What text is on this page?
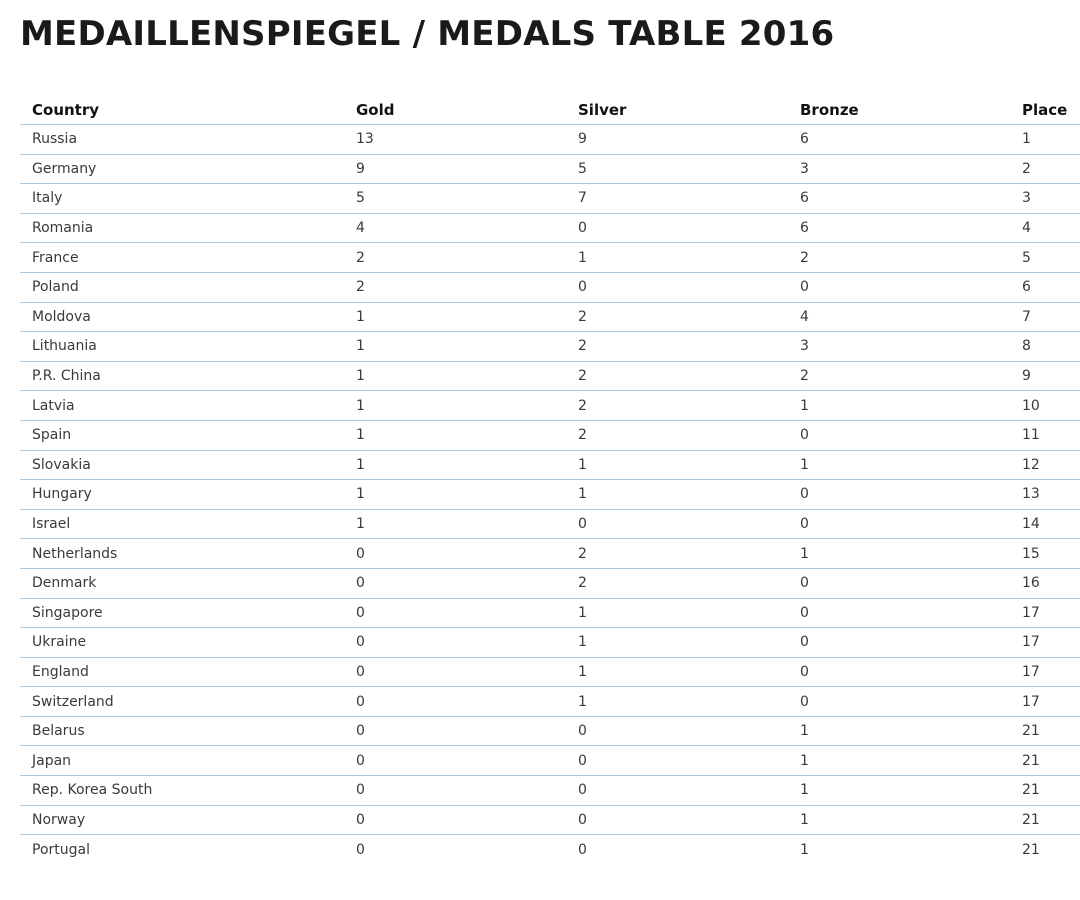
MEDAILLENSPIEGEL / MEDALS TABLE 2016
Country	Gold	Silver	Bronze	Place
Russia	13	9	6	1
Germany	9	5	3	2
Italy	5	7	6	3
Romania	4	0	6	4
France	2	1	2	5
Poland	2	0	0	6
Moldova	1	2	4	7
Lithuania	1	2	3	8
P.R. China	1	2	2	9
Latvia	1	2	1	10
Spain	1	2	0	11
Slovakia	1	1	1	12
Hungary	1	1	0	13
Israel	1	0	0	14
Netherlands	0	2	1	15
Denmark	0	2	0	16
Singapore	0	1	0	17
Ukraine	0	1	0	17
England	0	1	0	17
Switzerland	0	1	0	17
Belarus	0	0	1	21
Japan	0	0	1	21
Rep. Korea South	0	0	1	21
Norway	0	0	1	21
Portugal	0	0	1	21
